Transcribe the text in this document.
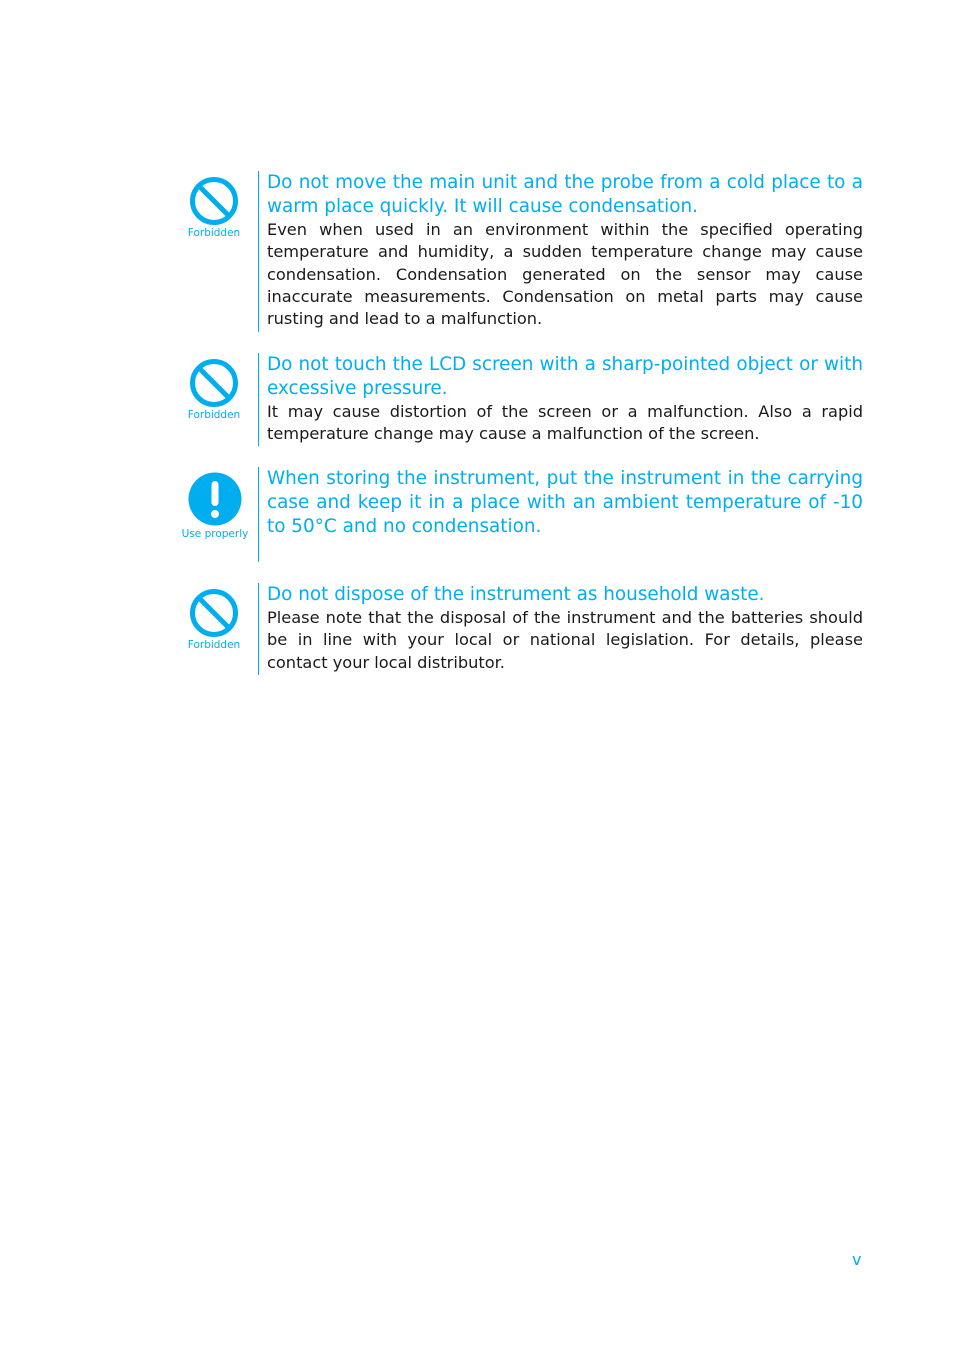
Forbidden

Do not move the main unit and the probe from a cold place to a warm place quickly. It will cause condensation.

Even when used in an environment within the specified operating temperature and humidity, a sudden temperature change may cause condensation. Condensation generated on the sensor may cause inaccurate measurements. Condensation on metal parts may cause rusting and lead to a malfunction.

Forbidden

Do not touch the LCD screen with a sharp-pointed object or with excessive pressure.

It may cause distortion of the screen or a malfunction. Also a rapid temperature change may cause a malfunction of the screen.

Use properly

When storing the instrument, put the instrument in the carrying case and keep it in a place with an ambient temperature of -10 to 50°C and no condensation.

Forbidden

Do not dispose of the instrument as household waste.

Please note that the disposal of the instrument and the batteries should be in line with your local or national legislation. For details, please contact your local distributor.

v
